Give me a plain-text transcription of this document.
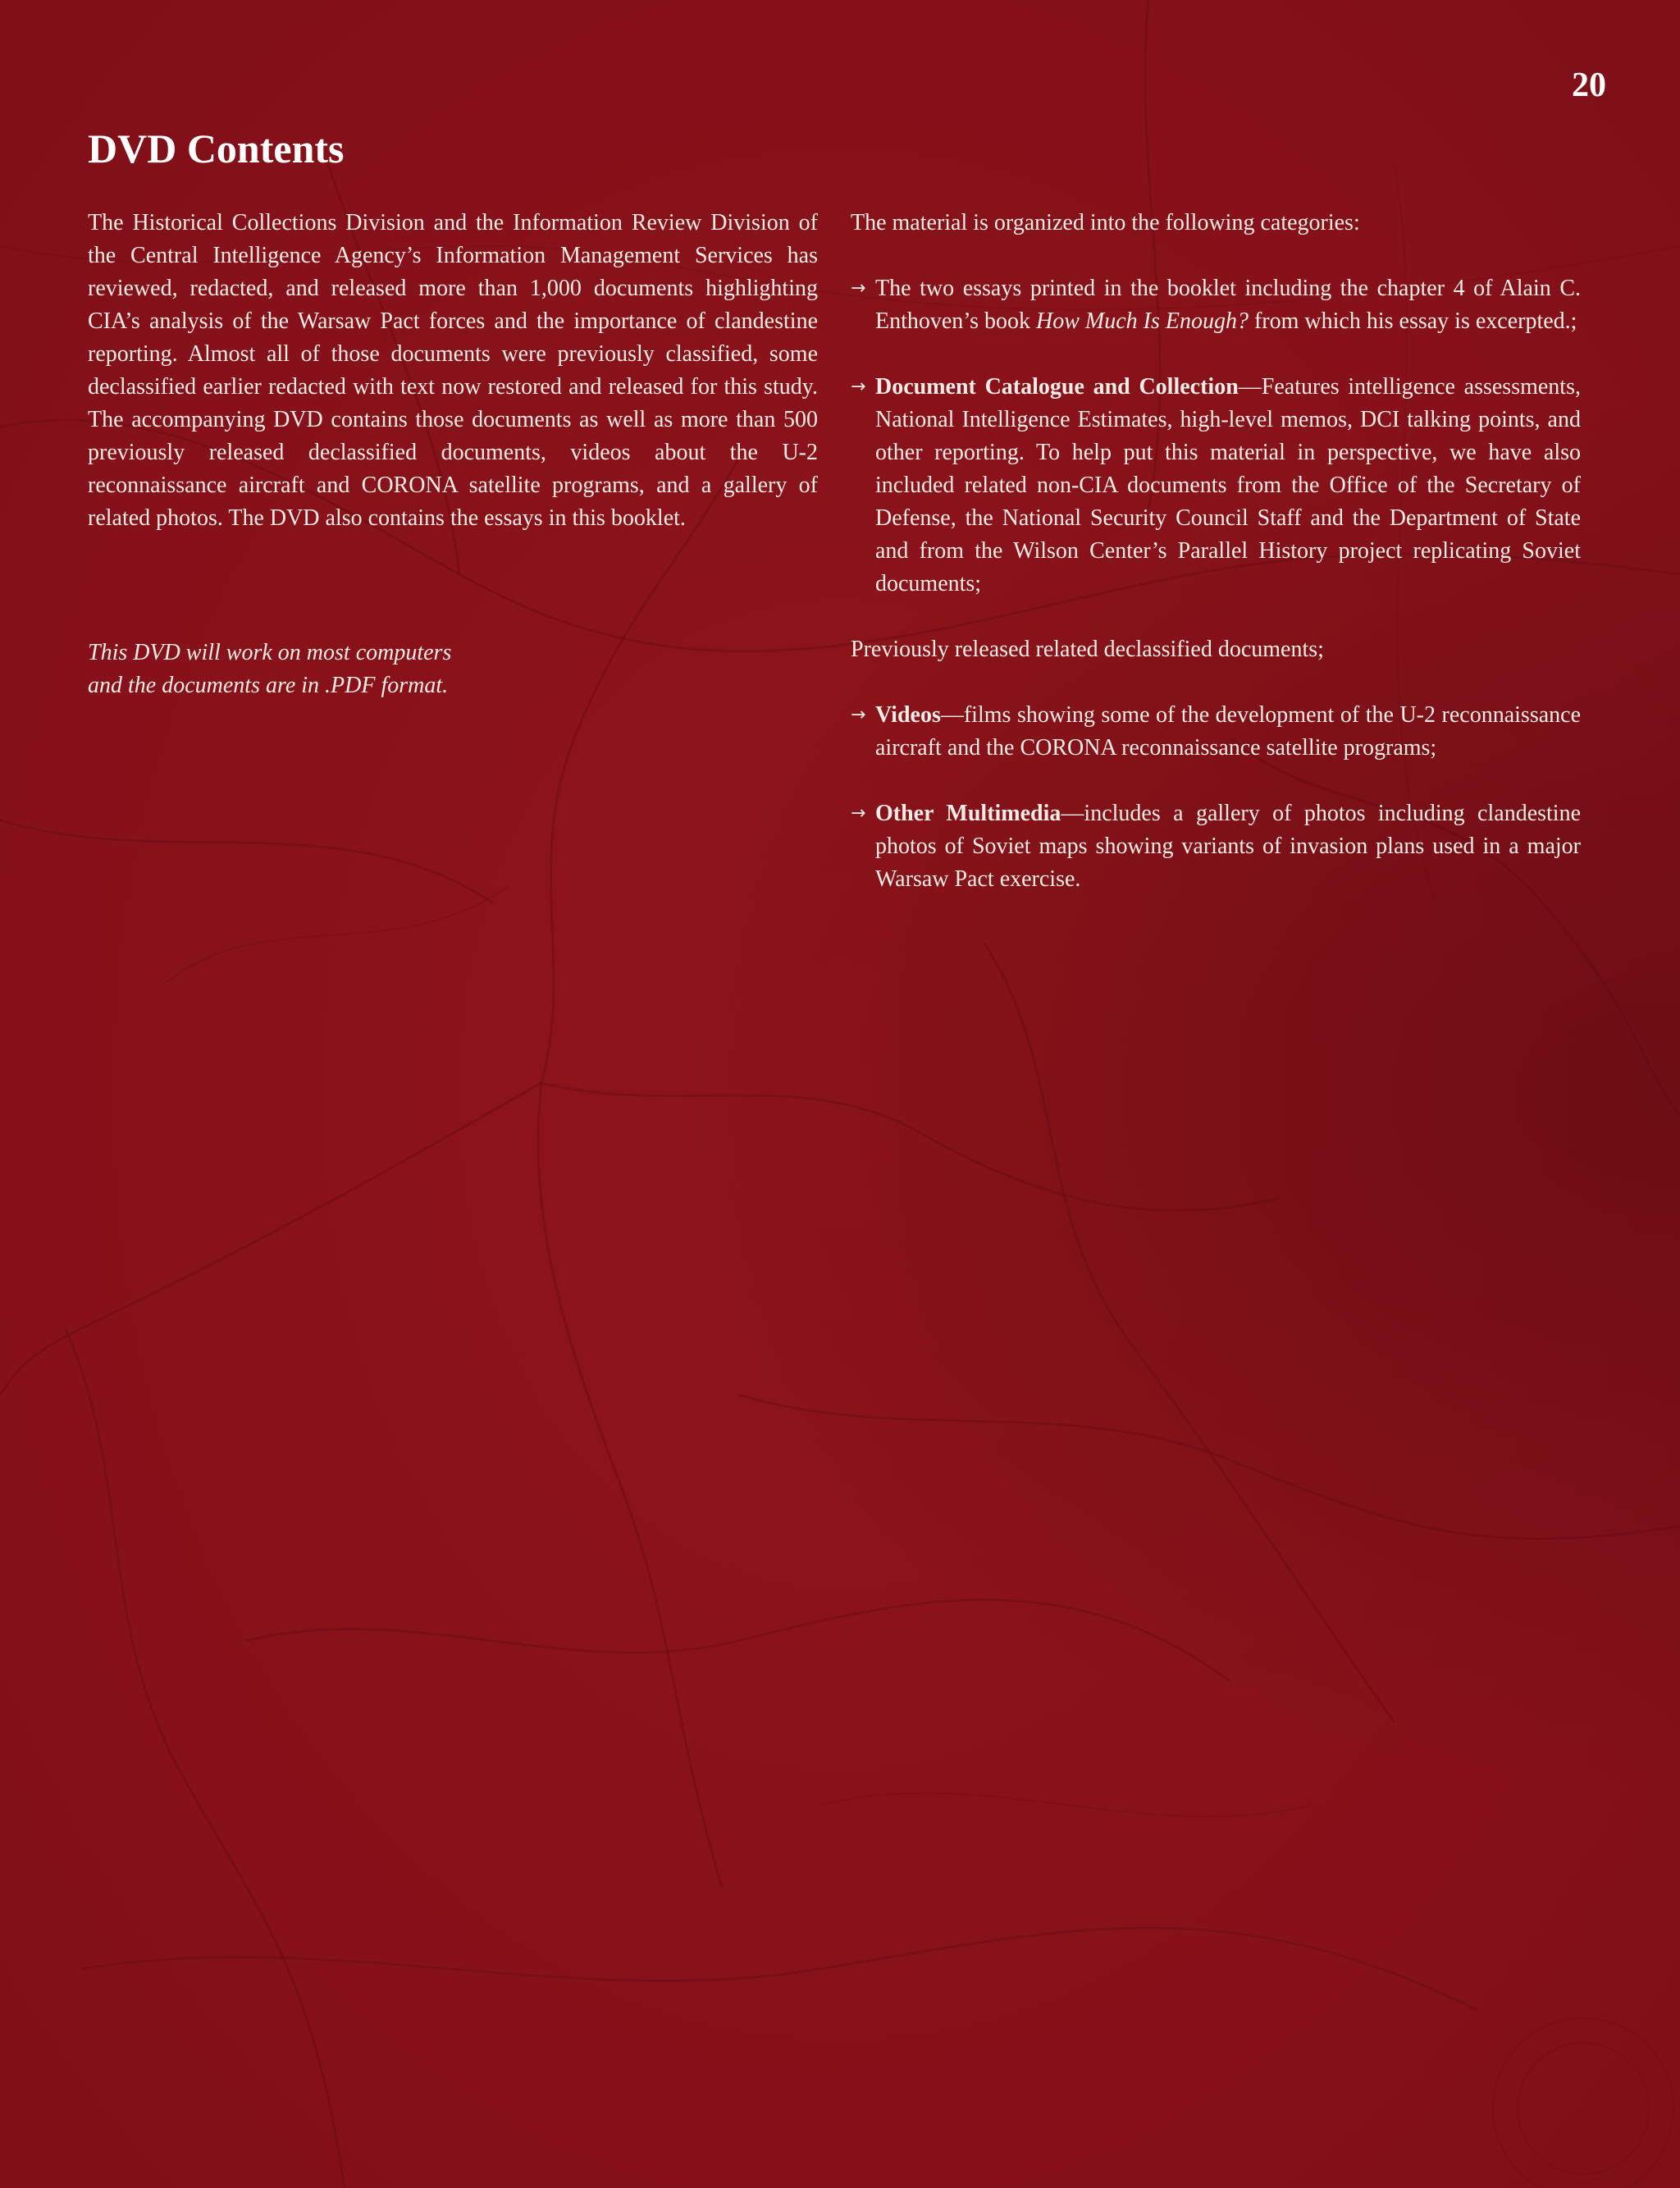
20
DVD Contents

The Historical Collections Division and the Information Review Division of the Central Intelligence Agency’s Information Management Services has reviewed, redacted, and released more than 1,000 documents highlighting CIA’s analysis of the Warsaw Pact forces and the importance of clandestine reporting. Almost all of those documents were previously classified, some declassified earlier redacted with text now restored and released for this study. The accompanying DVD contains those documents as well as more than 500 previously released declassified documents, videos about the U-2 reconnaissance aircraft and CORONA satellite programs, and a gallery of related photos. The DVD also contains the essays in this booklet.

This DVD will work on most computers
and the documents are in .PDF format.

The material is organized into the following categories:

→ The two essays printed in the booklet including the chapter 4 of Alain C. Enthoven’s book How Much Is Enough? from which his essay is excerpted.;

→ Document Catalogue and Collection—Features intelligence assessments, National Intelligence Estimates, high-level memos, DCI talking points, and other reporting. To help put this material in perspective, we have also included related non-CIA documents from the Office of the Secretary of Defense, the National Security Council Staff and the Department of State and from the Wilson Center’s Parallel History project replicating Soviet documents;

Previously released related declassified documents;

→ Videos—films showing some of the development of the U-2 reconnaissance aircraft and the CORONA reconnaissance satellite programs;

→ Other Multimedia—includes a gallery of photos including clandestine photos of Soviet maps showing variants of invasion plans used in a major Warsaw Pact exercise.
